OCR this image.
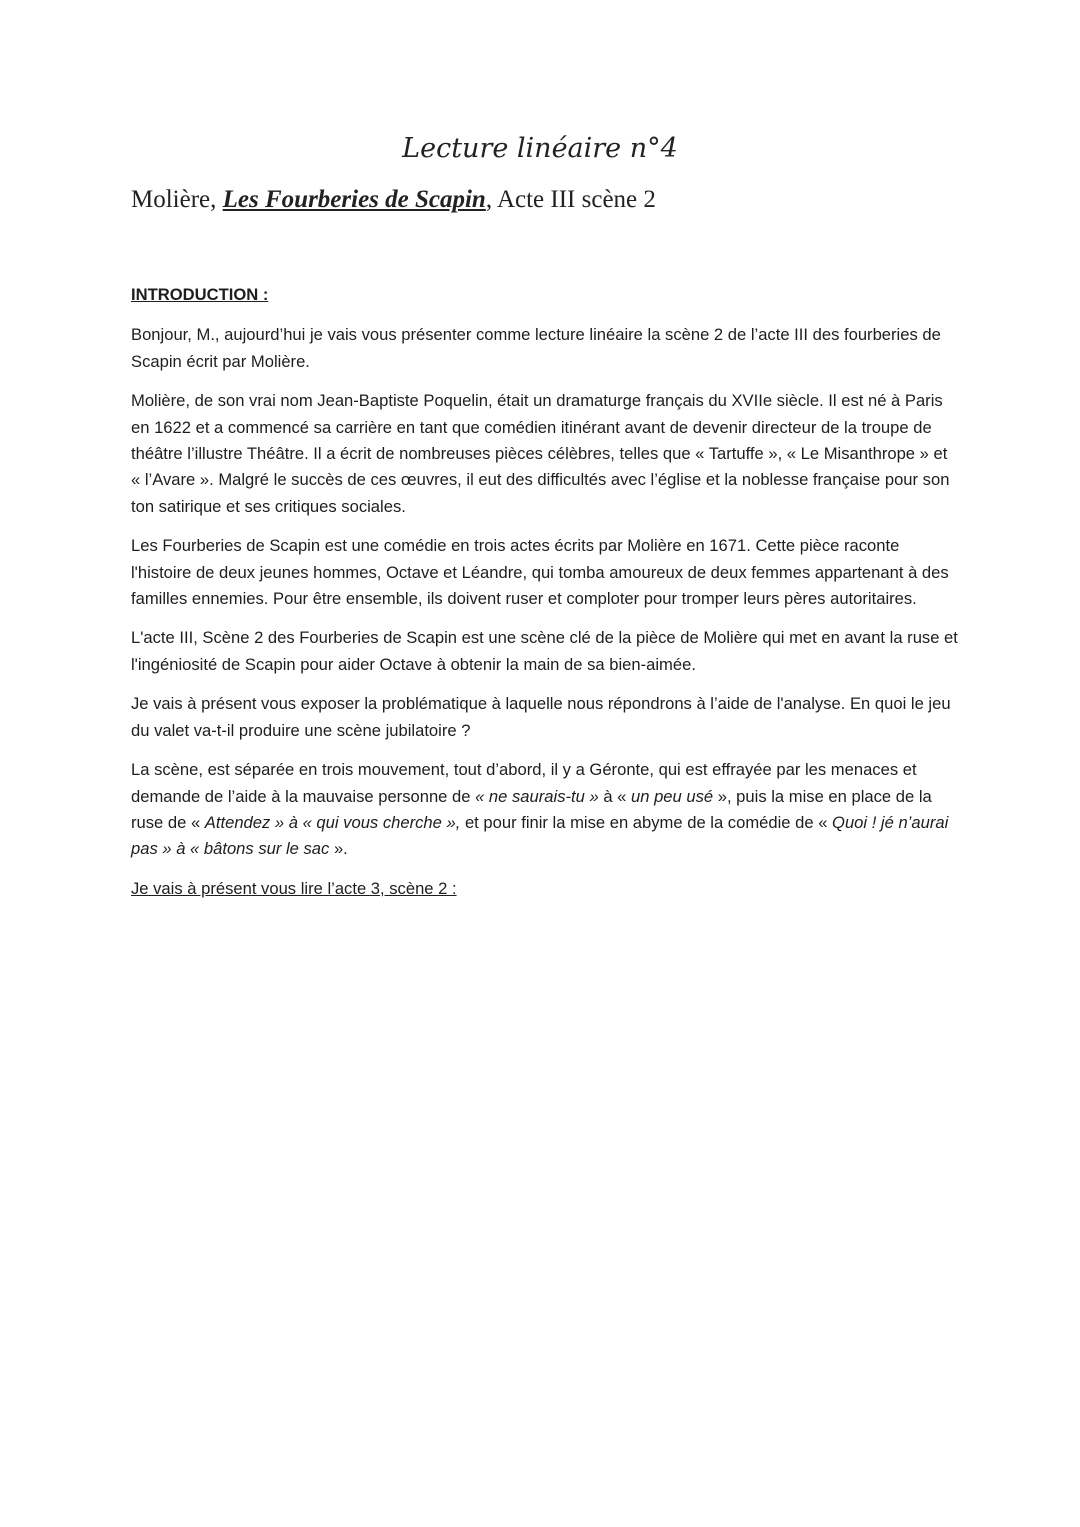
Lecture linéaire n°4
Molière, Les Fourberies de Scapin, Acte III scène 2

INTRODUCTION :

Bonjour, M., aujourd’hui je vais vous présenter comme lecture linéaire la scène 2 de l’acte III des fourberies de Scapin écrit par Molière.

Molière, de son vrai nom Jean-Baptiste Poquelin, était un dramaturge français du XVIIe siècle. Il est né à Paris en 1622 et a commencé sa carrière en tant que comédien itinérant avant de devenir directeur de la troupe de théâtre l’illustre Théâtre. Il a écrit de nombreuses pièces célèbres, telles que « Tartuffe », « Le Misanthrope » et « l’Avare ». Malgré le succès de ces œuvres, il eut des difficultés avec l’église et la noblesse française pour son ton satirique et ses critiques sociales.

Les Fourberies de Scapin est une comédie en trois actes écrits par Molière en 1671. Cette pièce raconte l'histoire de deux jeunes hommes, Octave et Léandre, qui tomba amoureux de deux femmes appartenant à des familles ennemies. Pour être ensemble, ils doivent ruser et comploter pour tromper leurs pères autoritaires.

L'acte III, Scène 2 des Fourberies de Scapin est une scène clé de la pièce de Molière qui met en avant la ruse et l'ingéniosité de Scapin pour aider Octave à obtenir la main de sa bien-aimée.

Je vais à présent vous exposer la problématique à laquelle nous répondrons à l’aide de l'analyse. En quoi le jeu du valet va-t-il produire une scène jubilatoire ?

La scène, est séparée en trois mouvement, tout d’abord, il y a Géronte, qui est effrayée par les menaces et demande de l’aide à la mauvaise personne de « ne saurais-tu » à « un peu usé », puis la mise en place de la ruse de « Attendez » à « qui vous cherche », et pour finir la mise en abyme de la comédie de « Quoi ! jé n’aurai pas » à « bâtons sur le sac ».

Je vais à présent vous lire l’acte 3, scène 2 :
